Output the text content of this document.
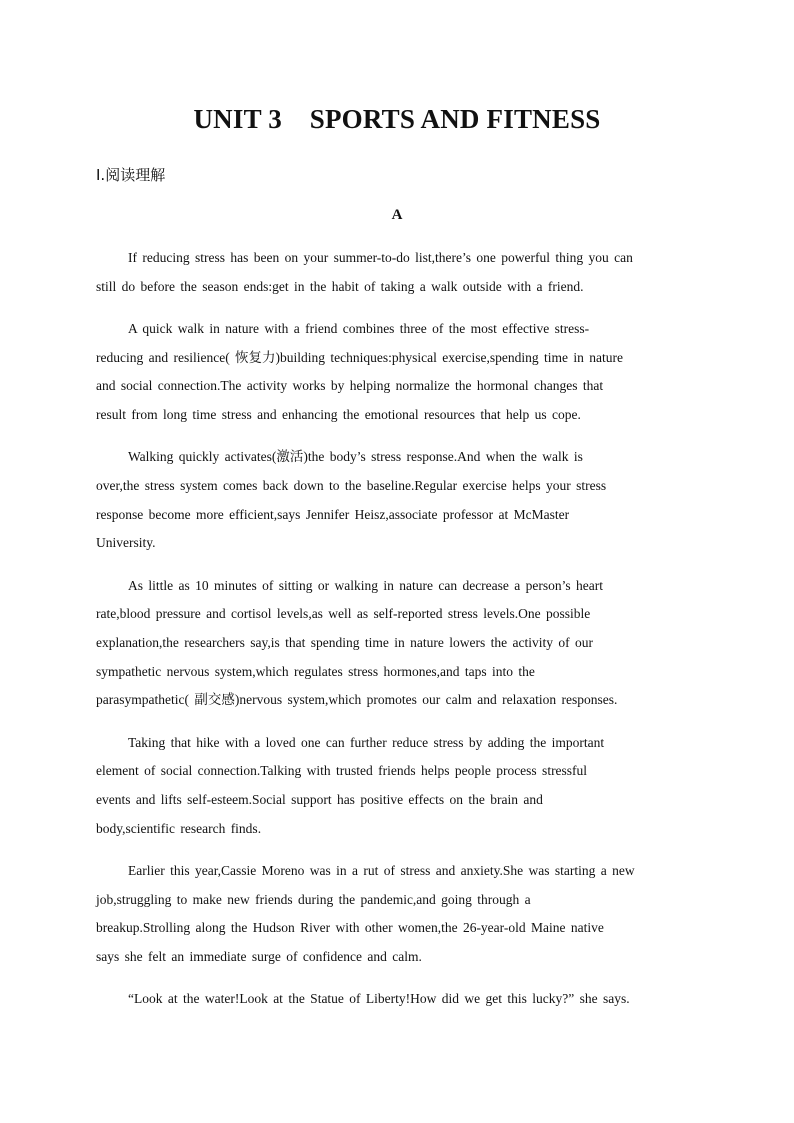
UNIT 3    SPORTS AND FITNESS
Ⅰ.阅读理解
A
If reducing stress has been on your summer-to-do list,there’s one powerful thing you can
still do before the season ends:get in the habit of taking a walk outside with a friend.
A quick walk in nature with a friend combines three of the most effective stress-
reducing and resilience( 恢复力)building techniques:physical exercise,spending time in nature
and social connection.The activity works by helping normalize the hormonal changes that
result from long time stress and enhancing the emotional resources that help us cope.
Walking quickly activates(激活)the body’s stress response.And when the walk is
over,the stress system comes back down to the baseline.Regular exercise helps your stress
response become more efficient,says Jennifer Heisz,associate professor at McMaster
University.
As little as 10 minutes of sitting or walking in nature can decrease a person’s heart
rate,blood pressure and cortisol levels,as well as self-reported stress levels.One possible
explanation,the researchers say,is that spending time in nature lowers the activity of our
sympathetic nervous system,which regulates stress hormones,and taps into the
parasympathetic( 副交感)nervous system,which promotes our calm and relaxation responses.
Taking that hike with a loved one can further reduce stress by adding the important
element of social connection.Talking with trusted friends helps people process stressful
events and lifts self-esteem.Social support has positive effects on the brain and
body,scientific research finds.
Earlier this year,Cassie Moreno was in a rut of stress and anxiety.She was starting a new
job,struggling to make new friends during the pandemic,and going through a
breakup.Strolling along the Hudson River with other women,the 26-year-old Maine native
says she felt an immediate surge of confidence and calm.
“Look at the water!Look at the Statue of Liberty!How did we get this lucky?” she says.
